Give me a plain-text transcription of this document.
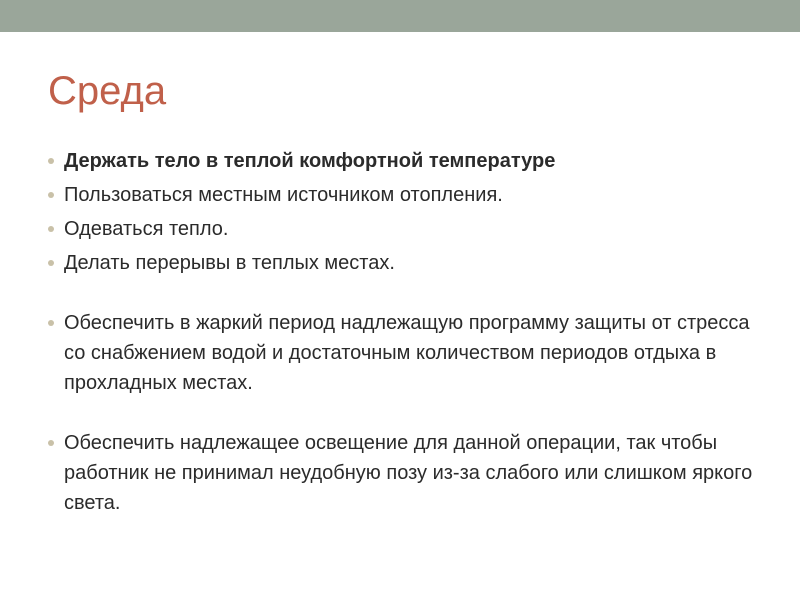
Среда
Держать тело в теплой комфортной температуре
Пользоваться местным источником отопления.
Одеваться тепло.
Делать перерывы в теплых местах.
Обеспечить в жаркий период надлежащую программу защиты от стресса со снабжением водой и достаточным количеством периодов отдыха в прохладных местах.
Обеспечить надлежащее освещение для данной операции, так чтобы работник не принимал неудобную позу из-за слабого или слишком яркого света.
